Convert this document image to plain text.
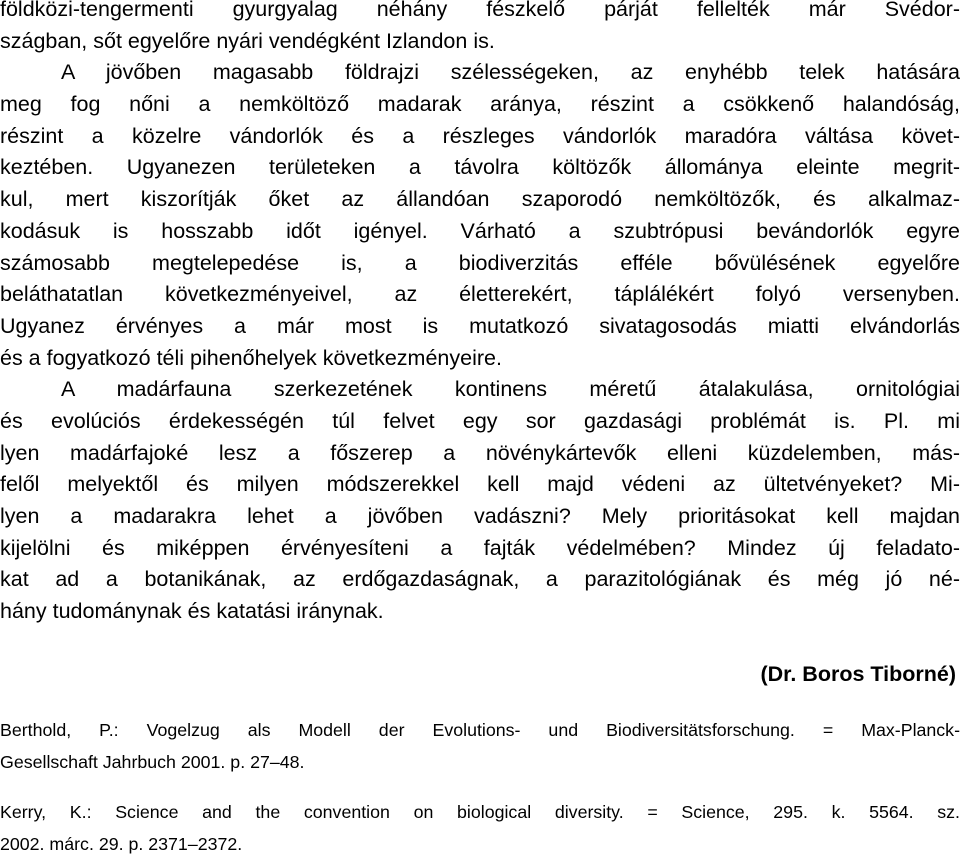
földközi-tengermenti gyurgyalag néhány fészkelő párját fellelték már Svédor-
szágban, sőt egyelőre nyári vendégként Izlandon is.
A jövőben magasabb földrajzi szélességeken, az enyhébb telek hatására
meg fog nőni a nemköltöző madarak aránya, részint a csökkenő halandóság,
részint a közelre vándorlók és a részleges vándorlók maradóra váltása követ-
keztében. Ugyanezen területeken a távolra költözők állománya eleinte megrit-
kul, mert kiszorítják őket az állandóan szaporodó nemköltözők, és alkalmaz-
kodásuk is hosszabb időt igényel. Várható a szubtrópusi bevándorlók egyre
számosabb megtelepedése is, a biodiverzitás efféle bővülésének egyelőre
beláthatatlan következményeivel, az életterekért, táplálékért folyó versenyben.
Ugyanez érvényes a már most is mutatkozó sivatagosodás miatti elvándorlás
és a fogyatkozó téli pihenőhelyek következményeire.
A madárfauna szerkezetének kontinens méretű átalakulása, ornitológiai
és evolúciós érdekességén túl felvet egy sor gazdasági problémát is. Pl. mi
lyen madárfajoké lesz a főszerep a növénykártevők elleni küzdelemben, más-
felől melyektől és milyen módszerekkel kell majd védeni az ültetvényeket? Mi-
lyen a madarakra lehet a jövőben vadászni? Mely prioritásokat kell majdan
kijelölni és miképpen érvényesíteni a fajták védelmében? Mindez új feladato-
kat ad a botanikának, az erdőgazdaságnak, a parazitológiának és még jó né-
hány tudománynak és katatási iránynak.
(Dr. Boros Tiborné)
Berthold, P.: Vogelzug als Modell der Evolutions- und Biodiversitätsforschung. = Max-Planck-
Gesellschaft Jahrbuch 2001. p. 27–48.
Kerry, K.: Science and the convention on biological diversity. = Science, 295. k. 5564. sz.
2002. márc. 29. p. 2371–2372.
